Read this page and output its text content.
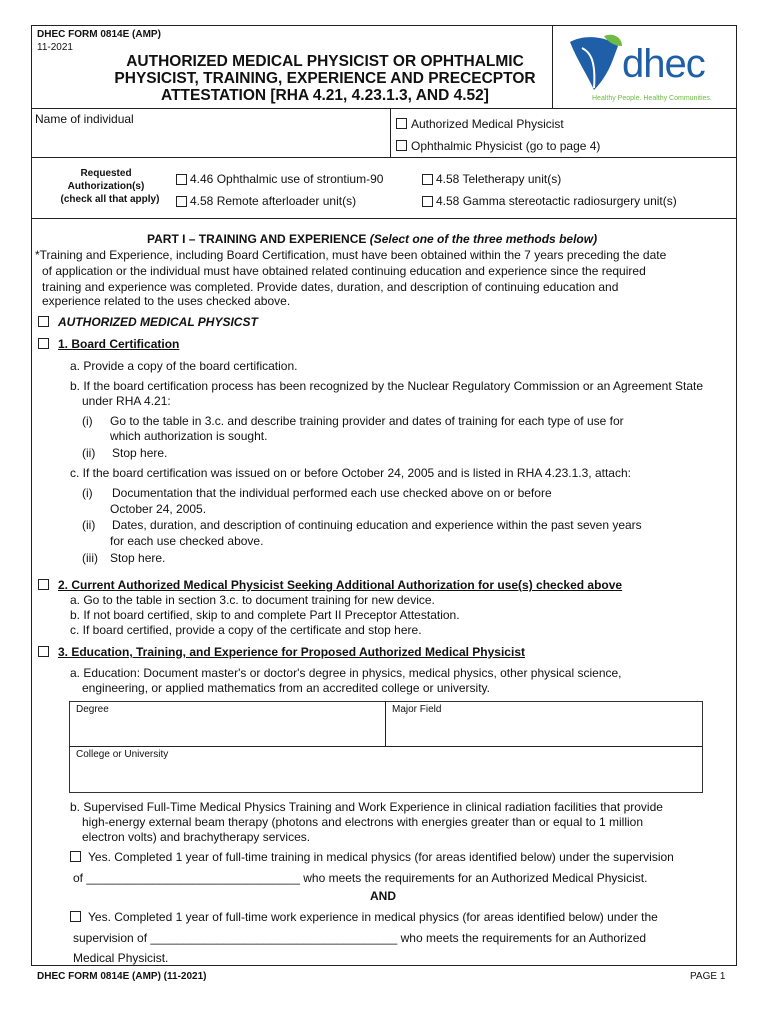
DHEC FORM 0814E (AMP)
11-2021
AUTHORIZED MEDICAL PHYSICIST OR OPHTHALMIC
PHYSICIST, TRAINING, EXPERIENCE AND PRECECPTOR
ATTESTATION [RHA 4.21, 4.23.1.3, AND 4.52]
dhec
Healthy People. Healthy Communities.
Name of individual	Authorized Medical Physicist
Ophthalmic Physicist (go to page 4)
Requested
Authorization(s)
(check all that apply)
4.46 Ophthalmic use of strontium-90	4.58 Teletherapy unit(s)
4.58 Remote afterloader unit(s)	4.58 Gamma stereotactic radiosurgery unit(s)
PART I – TRAINING AND EXPERIENCE (Select one of the three methods below)
*Training and Experience, including Board Certification, must have been obtained within the 7 years preceding the date
of application or the individual must have obtained related continuing education and experience since the required
training and experience was completed. Provide dates, duration, and description of continuing education and
experience related to the uses checked above.
AUTHORIZED MEDICAL PHYSICST
1. Board Certification
a. Provide a copy of the board certification.
b. If the board certification process has been recognized by the Nuclear Regulatory Commission or an Agreement State
under RHA 4.21:
(i) Go to the table in 3.c. and describe training provider and dates of training for each type of use for
which authorization is sought.
(ii) Stop here.
c. If the board certification was issued on or before October 24, 2005 and is listed in RHA 4.23.1.3, attach:
(i) Documentation that the individual performed each use checked above on or before
October 24, 2005.
(ii) Dates, duration, and description of continuing education and experience within the past seven years
for each use checked above.
(iii) Stop here.
2. Current Authorized Medical Physicist Seeking Additional Authorization for use(s) checked above
a. Go to the table in section 3.c. to document training for new device.
b. If not board certified, skip to and complete Part II Preceptor Attestation.
c. If board certified, provide a copy of the certificate and stop here.
3. Education, Training, and Experience for Proposed Authorized Medical Physicist
a. Education: Document master's or doctor's degree in physics, medical physics, other physical science,
engineering, or applied mathematics from an accredited college or university.
Degree	Major Field
College or University
b. Supervised Full-Time Medical Physics Training and Work Experience in clinical radiation facilities that provide
high-energy external beam therapy (photons and electrons with energies greater than or equal to 1 million
electron volts) and brachytherapy services.
Yes. Completed 1 year of full-time training in medical physics (for areas identified below) under the supervision
of ________________________________ who meets the requirements for an Authorized Medical Physicist.
AND
Yes. Completed 1 year of full-time work experience in medical physics (for areas identified below) under the
supervision of _____________________________________ who meets the requirements for an Authorized
Medical Physicist.
DHEC FORM 0814E (AMP) (11-2021)	PAGE 1
